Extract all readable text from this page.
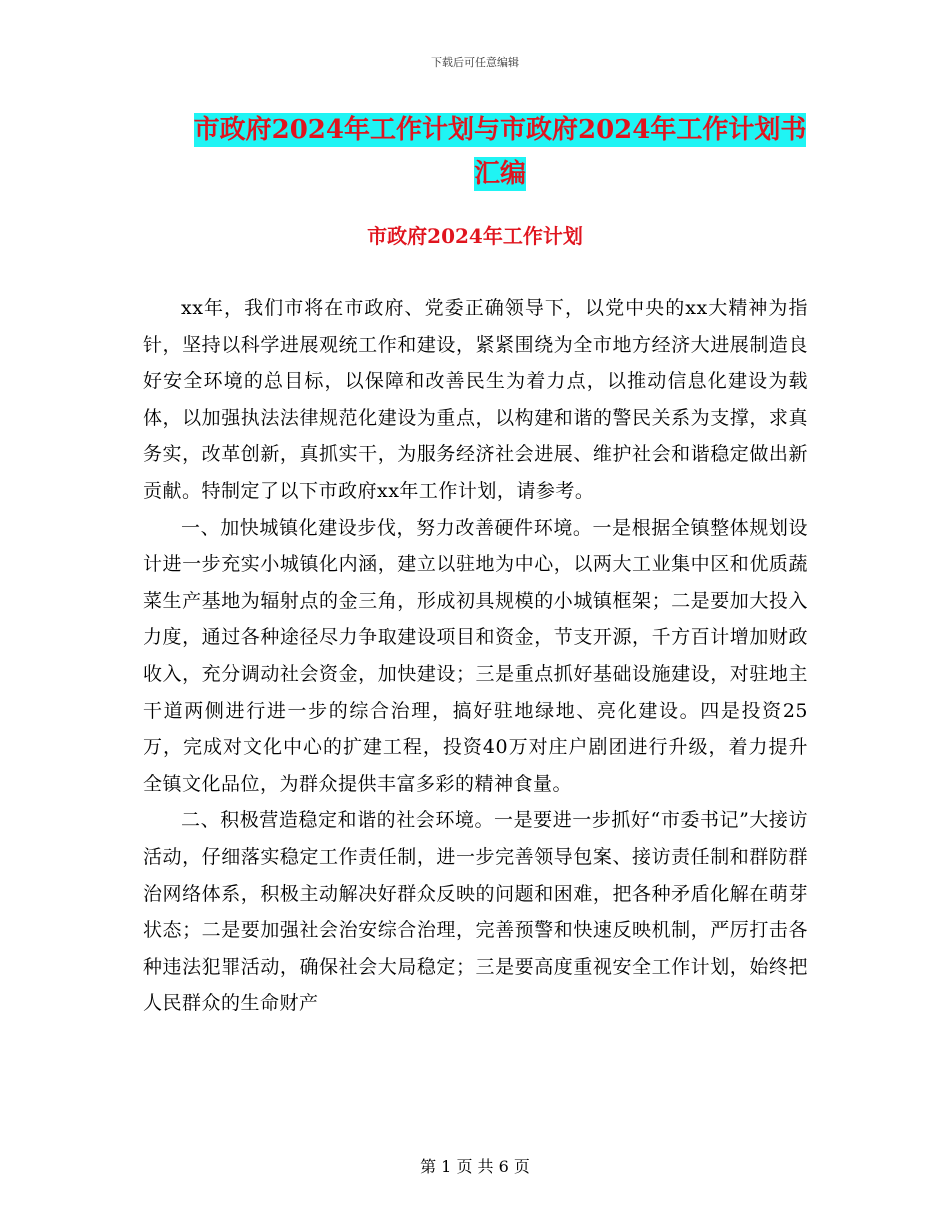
下载后可任意编辑
市政府2024年工作计划与市政府2024年工作计划书
汇编
市政府2024年工作计划

xx年，我们市将在市政府、党委正确领导下，以党中央的xx大精神为指针，坚持以科学进展观统工作和建设，紧紧围绕为全市地方经济大进展制造良好安全环境的总目标，以保障和改善民生为着力点，以推动信息化建设为载体，以加强执法法律规范化建设为重点，以构建和谐的警民关系为支撑，求真务实，改革创新，真抓实干，为服务经济社会进展、维护社会和谐稳定做出新贡献。特制定了以下市政府xx年工作计划，请参考。

一、加快城镇化建设步伐，努力改善硬件环境。一是根据全镇整体规划设计进一步充实小城镇化内涵，建立以驻地为中心，以两大工业集中区和优质蔬菜生产基地为辐射点的金三角，形成初具规模的小城镇框架；二是要加大投入力度，通过各种途径尽力争取建设项目和资金，节支开源，千方百计增加财政收入，充分调动社会资金，加快建设；三是重点抓好基础设施建设，对驻地主干道两侧进行进一步的综合治理，搞好驻地绿地、亮化建设。四是投资25万，完成对文化中心的扩建工程，投资40万对庄户剧团进行升级，着力提升全镇文化品位，为群众提供丰富多彩的精神食量。

二、积极营造稳定和谐的社会环境。一是要进一步抓好“市委书记”大接访活动，仔细落实稳定工作责任制，进一步完善领导包案、接访责任制和群防群治网络体系，积极主动解决好群众反映的问题和困难，把各种矛盾化解在萌芽状态；二是要加强社会治安综合治理，完善预警和快速反映机制，严厉打击各种违法犯罪活动，确保社会大局稳定；三是要高度重视安全工作计划，始终把人民群众的生命财产

第 1 页 共 6 页
